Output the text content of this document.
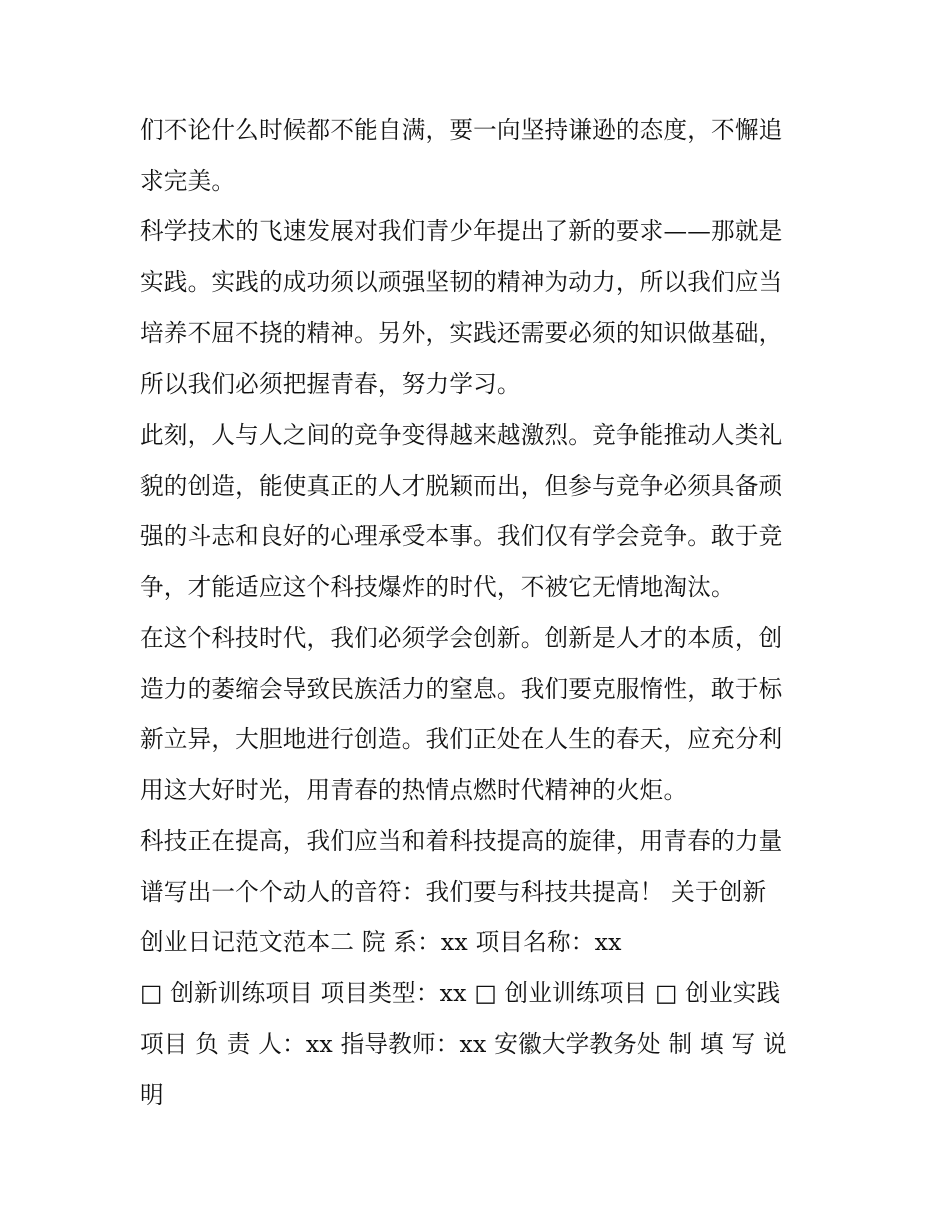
们不论什么时候都不能自满，要一向坚持谦逊的态度，不懈追
求完美。
科学技术的飞速发展对我们青少年提出了新的要求——那就是
实践。实践的成功须以顽强坚韧的精神为动力，所以我们应当
培养不屈不挠的精神。另外，实践还需要必须的知识做基础，
所以我们必须把握青春，努力学习。
此刻，人与人之间的竞争变得越来越激烈。竞争能推动人类礼
貌的创造，能使真正的人才脱颖而出，但参与竞争必须具备顽
强的斗志和良好的心理承受本事。我们仅有学会竞争。敢于竞
争，才能适应这个科技爆炸的时代，不被它无情地淘汰。
在这个科技时代，我们必须学会创新。创新是人才的本质，创
造力的萎缩会导致民族活力的窒息。我们要克服惰性，敢于标
新立异，大胆地进行创造。我们正处在人生的春天，应充分利
用这大好时光，用青春的热情点燃时代精神的火炬。
科技正在提高，我们应当和着科技提高的旋律，用青春的力量
谱写出一个个动人的音符：我们要与科技共提高！ 关于创新
创业日记范文范本二 院 系：xx 项目名称：xx
□ 创新训练项目 项目类型：xx □ 创业训练项目 □ 创业实践
项目 负 责 人：xx 指导教师：xx 安徽大学教务处 制 填 写 说
明
